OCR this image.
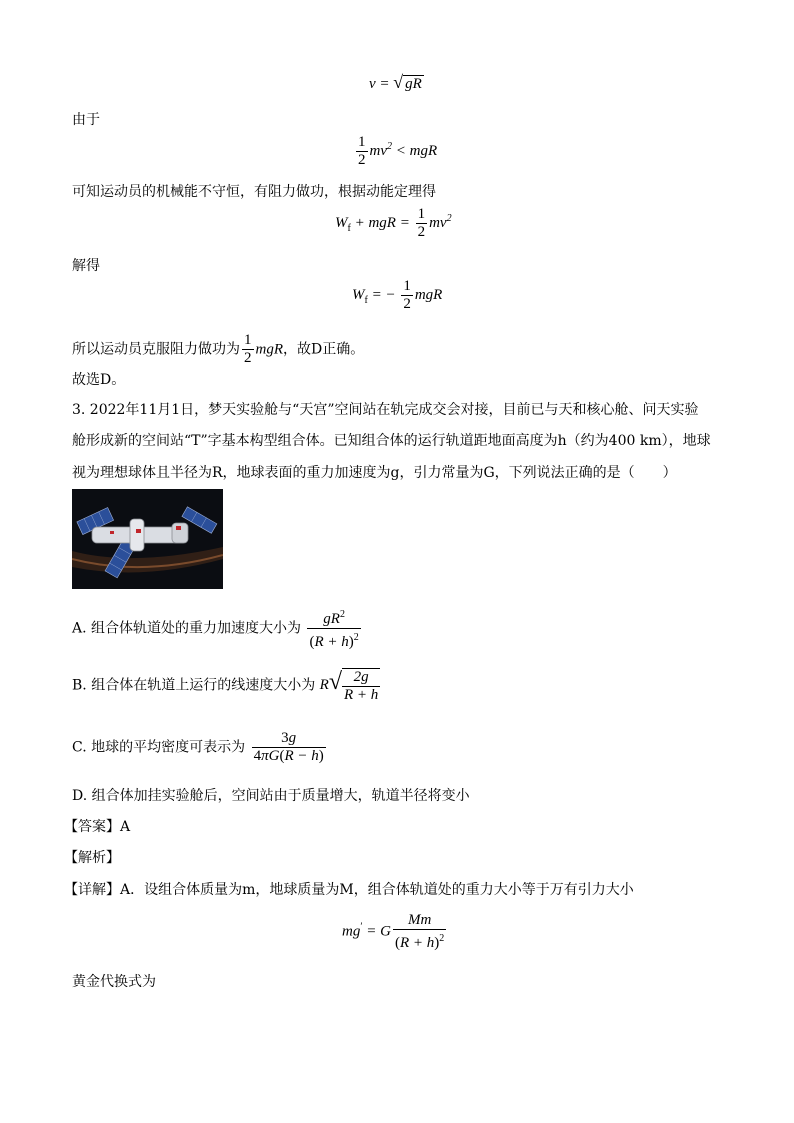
v = √ gR
由于
$\frac{1}{2} mv^2$ < mgR
可知运动员的机械能不守恒，有阻力做功，根据动能定理得
$W_f$ + mgR = $\frac{1}{2} mv^2$
解得
$W_f$ = − $\frac{1}{2}$ mgR
所以运动员克服阻力做功为 $\frac{1}{2}$ mgR，故D正确。
故选D。
3. 2022年11月1日，梦天实验舱与“天宫”空间站在轨完成交会对接，目前已与天和核心舱、问天实验
舱形成新的空间站“T”字基本构型组合体。已知组合体的运行轨道距地面高度为h（约为400 km），地球
视为理想球体且半径为R，地球表面的重力加速度为g，引力常量为G，下列说法正确的是（　　）
A. 组合体轨道处的重力加速度大小为 $\frac{gR^2}{(R + h)^2}$
B. 组合体在轨道上运行的线速度大小为 $R√ \frac{2g}{R + h}$
C. 地球的平均密度可表示为 $\frac{3g}{4\pi G(R - h)}$
D. 组合体加挂实验舱后，空间站由于质量增大，轨道半径将变小
【答案】A
【解析】
【详解】A．设组合体质量为m，地球质量为M，组合体轨道处的重力大小等于万有引力大小
mg′ = G $\frac{Mm}{(R + h)^2}$
黄金代换式为
